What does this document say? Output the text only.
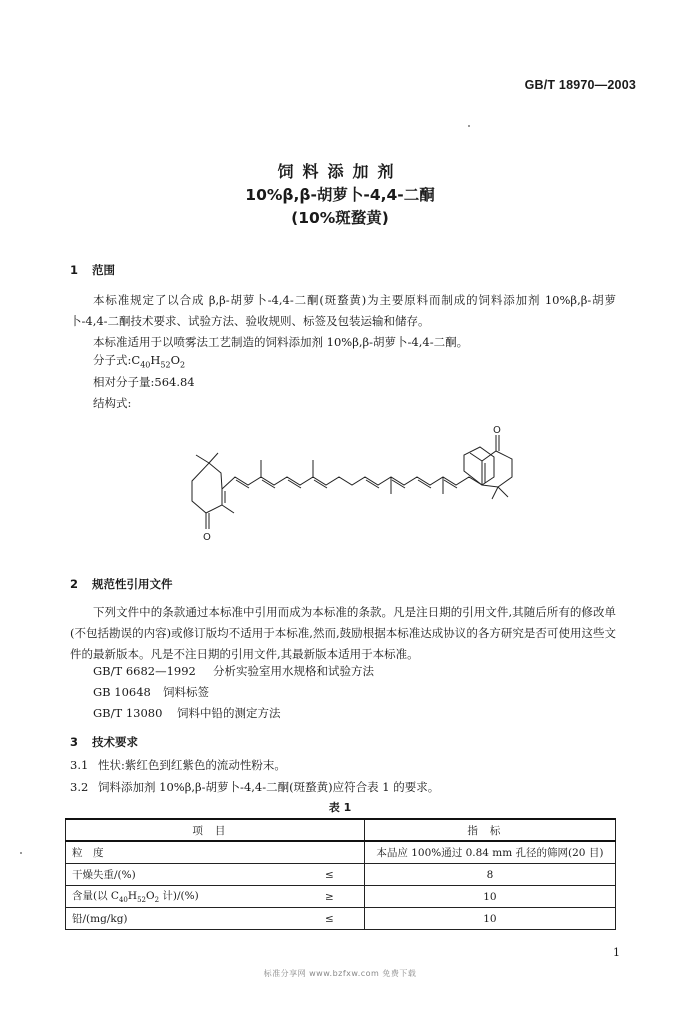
GB/T 18970—2003
饲料添加剂
10%β,β-胡萝卜-4,4-二酮
(10%斑蝥黄)
1 范围
本标准规定了以合成 β,β-胡萝卜-4,4-二酮(斑蝥黄)为主要原料而制成的饲料添加剂 10%β,β-胡萝卜-4,4-二酮技术要求、试验方法、验收规则、标签及包装运输和储存。
本标准适用于以喷雾法工艺制造的饲料添加剂 10%β,β-胡萝卜-4,4-二酮。
分子式$:C_{40}H_{52}O_2$
相对分子量:564.84
结构式:
O
O
2 规范性引用文件
下列文件中的条款通过本标准中引用而成为本标准的条款。凡是注日期的引用文件,其随后所有的修改单(不包括勘误的内容)或修订版均不适用于本标准,然而,鼓励根据本标准达成协议的各方研究是否可使用这些文件的最新版本。凡是不注日期的引用文件,其最新版本适用于本标准。
GB/T 6682—1992 分析实验室用水规格和试验方法
GB 10648 饲料标签
GB/T 13080 饲料中铅的测定方法
3 技术要求
3.1 性状:紫红色到红紫色的流动性粉末。
3.2 饲料添加剂 10%β,β-胡萝卜-4,4-二酮(斑蝥黄)应符合表 1 的要求。
表 1
项目		指标
粒　度		本品应 100%通过 0.84 mm 孔径的筛网(20 目)
干燥失重/(%)	≤	8
含量(以 $C_{40}H_{52}O_2$ 计)/(%)	≥	10
铅/(mg/kg)	≤	10
1
标准分享网 www.bzfxw.com 免费下载
